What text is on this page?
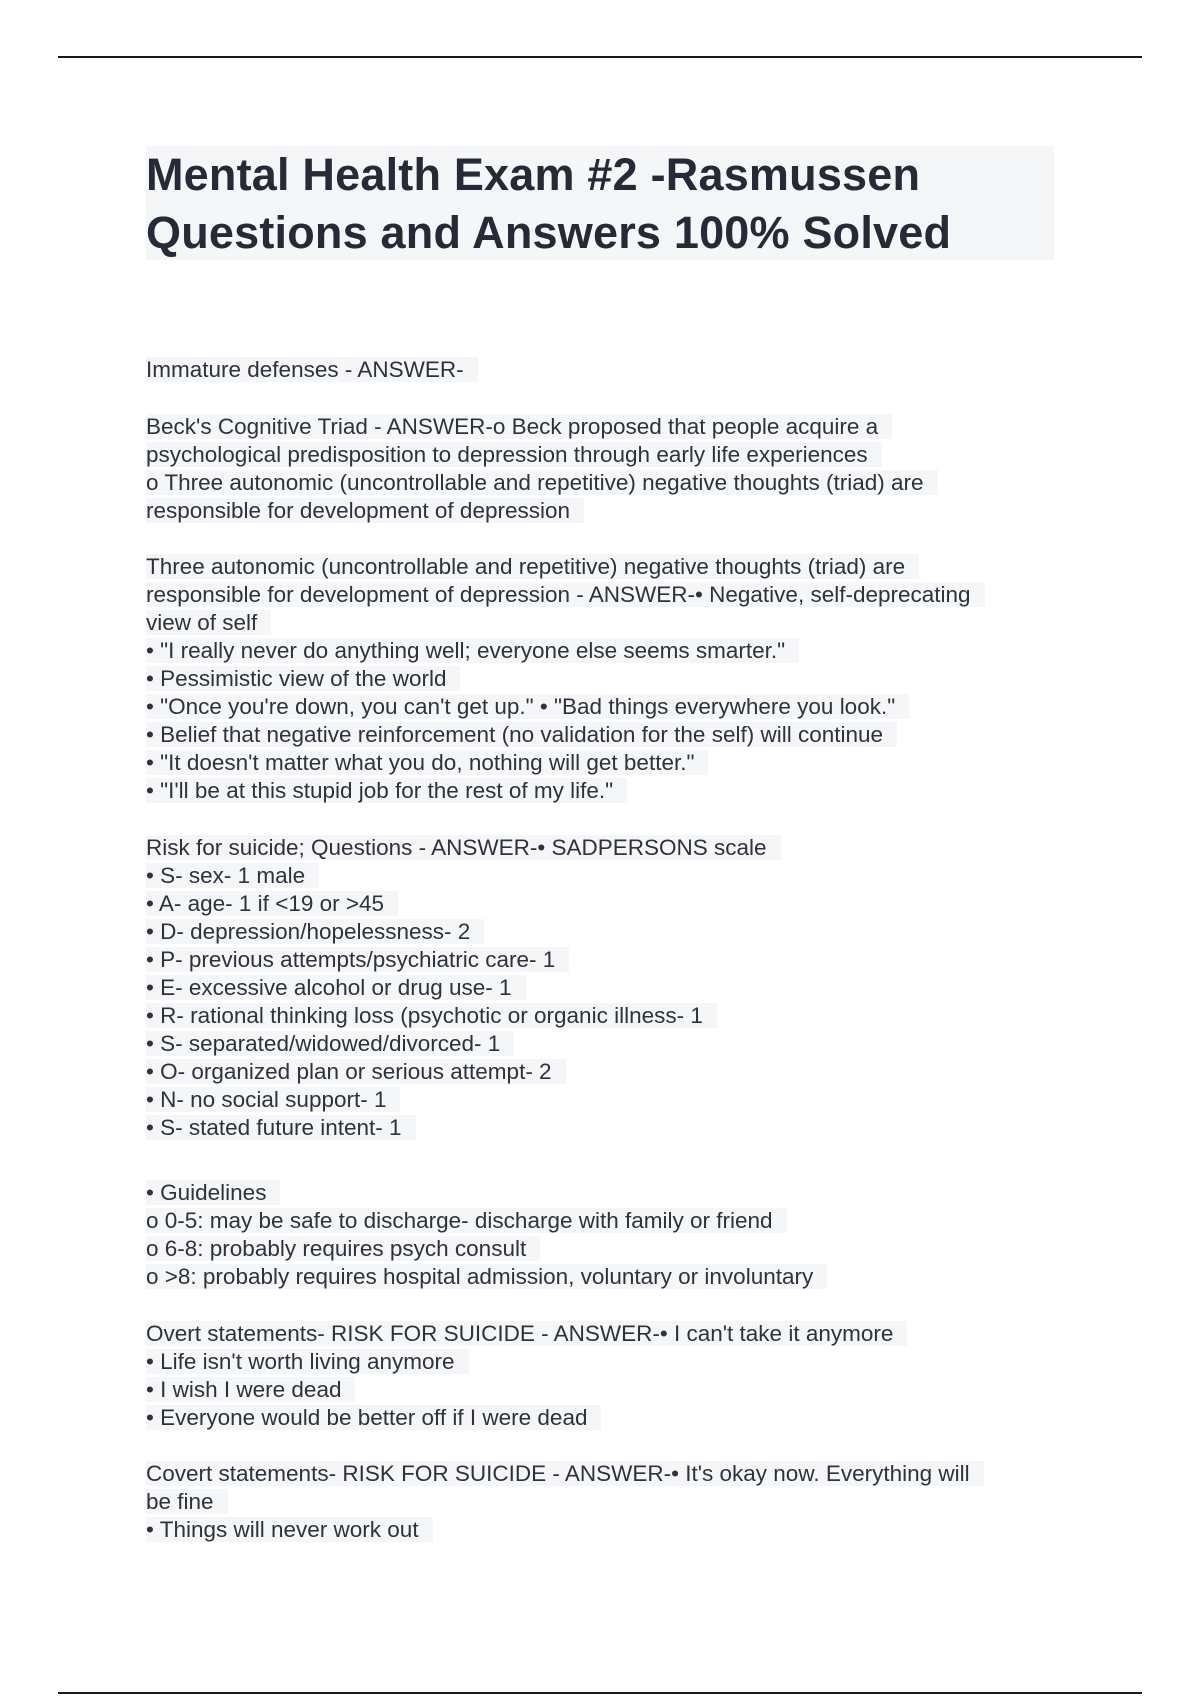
Mental Health Exam #2 -Rasmussen
Questions and Answers 100% Solved
Immature defenses - ANSWER-
Beck's Cognitive Triad - ANSWER-o Beck proposed that people acquire a
psychological predisposition to depression through early life experiences
o Three autonomic (uncontrollable and repetitive) negative thoughts (triad) are
responsible for development of depression
Three autonomic (uncontrollable and repetitive) negative thoughts (triad) are
responsible for development of depression - ANSWER-• Negative, self-deprecating
view of self
• "I really never do anything well; everyone else seems smarter."
• Pessimistic view of the world
• "Once you're down, you can't get up." • "Bad things everywhere you look."
• Belief that negative reinforcement (no validation for the self) will continue
• "It doesn't matter what you do, nothing will get better."
• "I'll be at this stupid job for the rest of my life."
Risk for suicide; Questions - ANSWER-• SADPERSONS scale
• S- sex- 1 male
• A- age- 1 if <19 or >45
• D- depression/hopelessness- 2
• P- previous attempts/psychiatric care- 1
• E- excessive alcohol or drug use- 1
• R- rational thinking loss (psychotic or organic illness- 1
• S- separated/widowed/divorced- 1
• O- organized plan or serious attempt- 2
• N- no social support- 1
• S- stated future intent- 1
• Guidelines
o 0-5: may be safe to discharge- discharge with family or friend
o 6-8: probably requires psych consult
o >8: probably requires hospital admission, voluntary or involuntary
Overt statements- RISK FOR SUICIDE - ANSWER-• I can't take it anymore
• Life isn't worth living anymore
• I wish I were dead
• Everyone would be better off if I were dead
Covert statements- RISK FOR SUICIDE - ANSWER-• It's okay now. Everything will
be fine
• Things will never work out
